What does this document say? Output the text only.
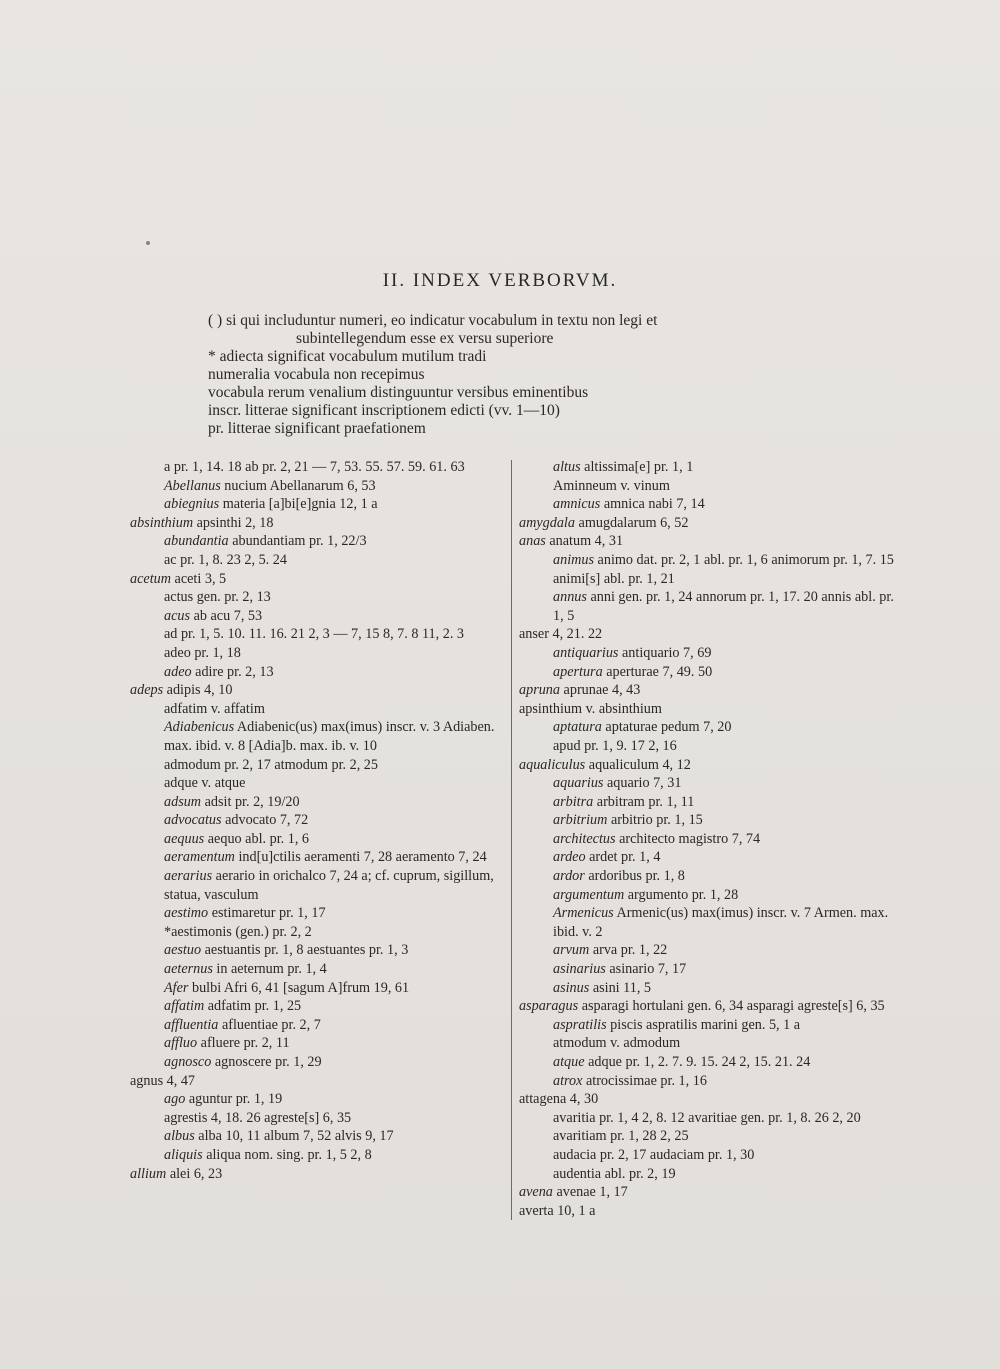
II. INDEX VERBORVM.
( ) si qui includuntur numeri, eo indicatur vocabulum in textu non legi et
subintellegendum esse ex versu superiore
* adiecta significat vocabulum mutilum tradi
numeralia vocabula non recepimus
vocabula rerum venalium distinguuntur versibus eminentibus
inscr. litterae significant inscriptionem edicti (vv. 1—10)
pr. litterae significant praefationem
a pr. 1, 14. 18 ab pr. 2, 21 — 7, 53. 55. 57. 59. 61. 63
Abellanus nucium Abellanarum 6, 53
abiegnius materia [a]bi[e]gnia 12, 1 a
absinthium apsinthi 2, 18
abundantia abundantiam pr. 1, 22/3
ac pr. 1, 8. 23 2, 5. 24
acetum aceti 3, 5
actus gen. pr. 2, 13
acus ab acu 7, 53
ad pr. 1, 5. 10. 11. 16. 21 2, 3 — 7, 15 8, 7. 8 11, 2. 3
adeo pr. 1, 18
adeo adire pr. 2, 13
adeps adipis 4, 10
adfatim v. affatim
Adiabenicus Adiabenic(us) max(imus) inscr. v. 3 Adiaben. max. ibid. v. 8 [Adia]b. max. ib. v. 10
admodum pr. 2, 17 atmodum pr. 2, 25
adque v. atque
adsum adsit pr. 2, 19/20
advocatus advocato 7, 72
aequus aequo abl. pr. 1, 6
aeramentum ind[u]ctilis aeramenti 7, 28 aeramento 7, 24
aerarius aerario in orichalco 7, 24 a; cf. cuprum, sigillum, statua, vasculum
aestimo estimaretur pr. 1, 17
*aestimonis (gen.) pr. 2, 2
aestuo aestuantis pr. 1, 8 aestuantes pr. 1, 3
aeternus in aeternum pr. 1, 4
Afer bulbi Afri 6, 41 [sagum A]frum 19, 61
affatim adfatim pr. 1, 25
affluentia afluentiae pr. 2, 7
affluo afluere pr. 2, 11
agnosco agnoscere pr. 1, 29
agnus 4, 47
ago aguntur pr. 1, 19
agrestis 4, 18. 26 agreste[s] 6, 35
albus alba 10, 11 album 7, 52 alvis 9, 17
aliquis aliqua nom. sing. pr. 1, 5 2, 8
allium alei 6, 23
altus altissima[e] pr. 1, 1
Aminneum v. vinum
amnicus amnica nabi 7, 14
amygdala amugdalarum 6, 52
anas anatum 4, 31
animus animo dat. pr. 2, 1 abl. pr. 1, 6 animorum pr. 1, 7. 15 animi[s] abl. pr. 1, 21
annus anni gen. pr. 1, 24 annorum pr. 1, 17. 20 annis abl. pr. 1, 5
anser 4, 21. 22
antiquarius antiquario 7, 69
apertura aperturae 7, 49. 50
apruna aprunae 4, 43
apsinthium v. absinthium
aptatura aptaturae pedum 7, 20
apud pr. 1, 9. 17 2, 16
aqualiculus aqualiculum 4, 12
aquarius aquario 7, 31
arbitra arbitram pr. 1, 11
arbitrium arbitrio pr. 1, 15
architectus architecto magistro 7, 74
ardeo ardet pr. 1, 4
ardor ardoribus pr. 1, 8
argumentum argumento pr. 1, 28
Armenicus Armenic(us) max(imus) inscr. v. 7 Armen. max. ibid. v. 2
arvum arva pr. 1, 22
asinarius asinario 7, 17
asinus asini 11, 5
asparagus asparagi hortulani gen. 6, 34 asparagi agreste[s] 6, 35
aspratilis piscis aspratilis marini gen. 5, 1 a
atmodum v. admodum
atque adque pr. 1, 2. 7. 9. 15. 24 2, 15. 21. 24
atrox atrocissimae pr. 1, 16
attagena 4, 30
avaritia pr. 1, 4 2, 8. 12 avaritiae gen. pr. 1, 8. 26 2, 20 avaritiam pr. 1, 28 2, 25
audacia pr. 2, 17 audaciam pr. 1, 30
audentia abl. pr. 2, 19
avena avenae 1, 17
averta 10, 1 a
